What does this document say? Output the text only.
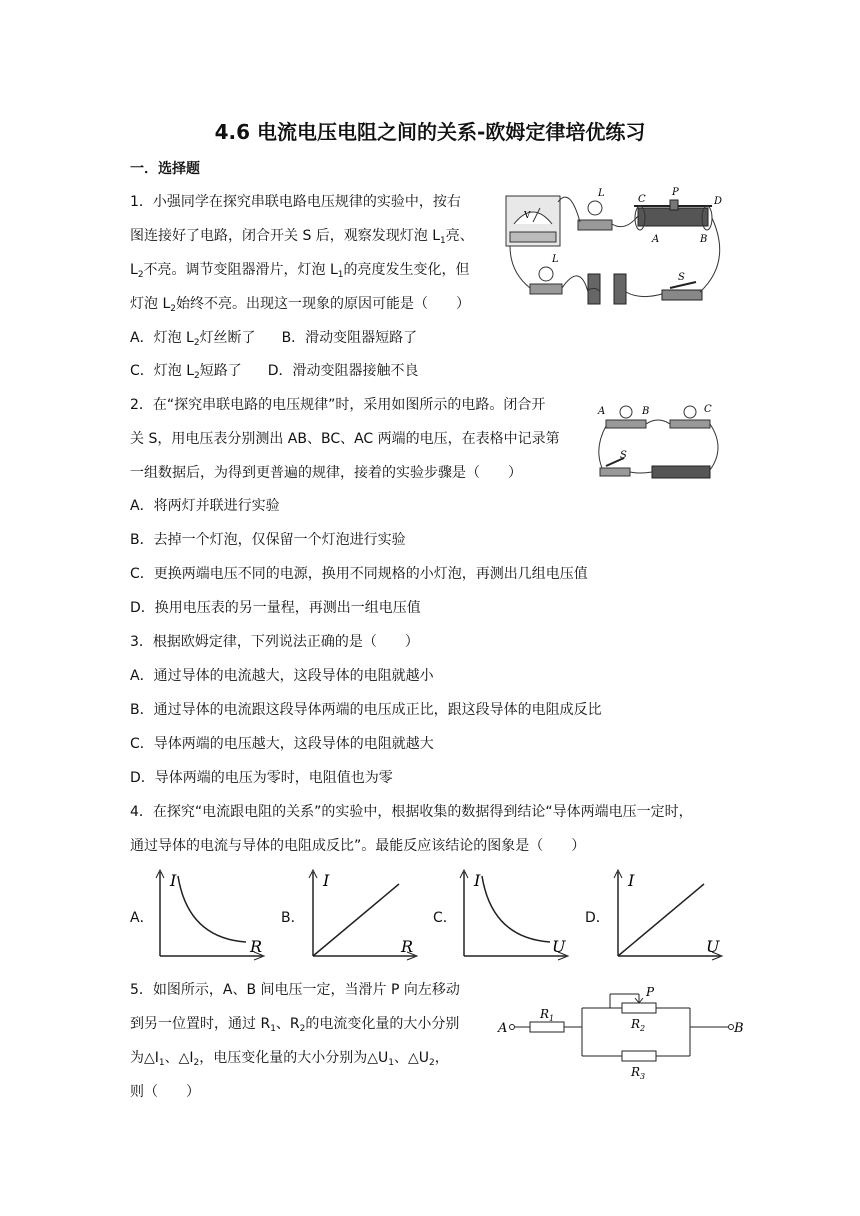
4.6 电流电压电阻之间的关系-欧姆定律培优练习
一．选择题
1．小强同学在探究串联电路电压规律的实验中，按右
图连接好了电路，闭合开关 S 后，观察发现灯泡 $L_1$亮、
$L_2$不亮。调节变阻器滑片，灯泡 $L_1$的亮度发生变化，但
灯泡 $L_2$始终不亮。出现这一现象的原因可能是（　　）
A．灯泡 $L_2$灯丝断了 B．滑动变阻器短路了
C．灯泡 $L_2$短路了 D．滑动变阻器接触不良
V
L
C
P
D
A	B
L
S
2．在“探究串联电路的电压规律”时，采用如图所示的电路。闭合开
关 S，用电压表分别测出 AB、BC、AC 两端的电压，在表格中记录第
一组数据后，为得到更普遍的规律，接着的实验步骤是（　　）
A	B	C
S
A．将两灯并联进行实验
B．去掉一个灯泡，仅保留一个灯泡进行实验
C．更换两端电压不同的电源，换用不同规格的小灯泡，再测出几组电压值
D．换用电压表的另一量程，再测出一组电压值
3．根据欧姆定律，下列说法正确的是（　　）
A．通过导体的电流越大，这段导体的电阻就越小
B．通过导体的电流跟这段导体两端的电压成正比，跟这段导体的电阻成反比
C．导体两端的电压越大，这段导体的电阻就越大
D．导体两端的电压为零时，电阻值也为零
4．在探究“电流跟电阻的关系”的实验中，根据收集的数据得到结论“导体两端电压一定时，
通过导体的电流与导体的电阻成反比”。最能反应该结论的图象是（　　）
A．	B．	C．	D．
I
R
I
R
I
U
I
U
5．如图所示，A、B 间电压一定，当滑片 P 向左移动
到另一位置时，通过 $R_1$、$R_2$的电流变化量的大小分别
为$\triangle I_1$、$\triangle I_2$，电压变化量的大小分别为$\triangle U_1$、$\triangle U_2$，
则（　　）
A
$R_1$
P
$R_2$
$R_3$
B
